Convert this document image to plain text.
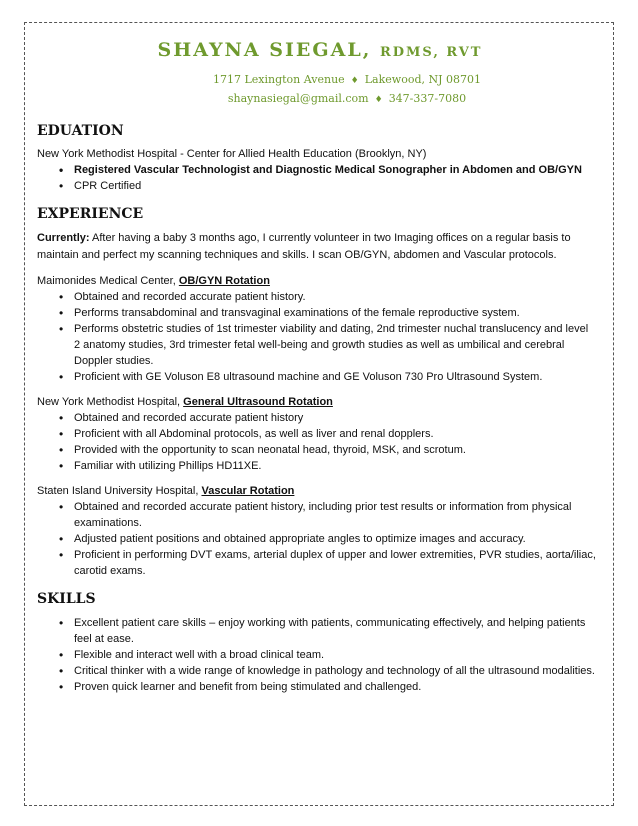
SHAYNA SIEGAL, RDMS, RVT
1717 Lexington Avenue ♦ Lakewood, NJ 08701
shaynasiegal@gmail.com ♦ 347-337-7080
EDUATION
New York Methodist Hospital - Center for Allied Health Education (Brooklyn, NY)
• Registered Vascular Technologist and Diagnostic Medical Sonographer in Abdomen and OB/GYN
• CPR Certified
EXPERIENCE
Currently: After having a baby 3 months ago, I currently volunteer in two Imaging offices on a regular basis to maintain and perfect my scanning techniques and skills. I scan OB/GYN, abdomen and Vascular protocols.
Maimonides Medical Center, OB/GYN Rotation
• Obtained and recorded accurate patient history.
• Performs transabdominal and transvaginal examinations of the female reproductive system.
• Performs obstetric studies of 1st trimester viability and dating, 2nd trimester nuchal translucency and level 2 anatomy studies, 3rd trimester fetal well-being and growth studies as well as umbilical and cerebral Doppler studies.
• Proficient with GE Voluson E8 ultrasound machine and GE Voluson 730 Pro Ultrasound System.
New York Methodist Hospital, General Ultrasound Rotation
• Obtained and recorded accurate patient history
• Proficient with all Abdominal protocols, as well as liver and renal dopplers.
• Provided with the opportunity to scan neonatal head, thyroid, MSK, and scrotum.
• Familiar with utilizing Phillips HD11XE.
Staten Island University Hospital, Vascular Rotation
• Obtained and recorded accurate patient history, including prior test results or information from physical examinations.
• Adjusted patient positions and obtained appropriate angles to optimize images and accuracy.
• Proficient in performing DVT exams, arterial duplex of upper and lower extremities, PVR studies, aorta/iliac, carotid exams.
SKILLS
• Excellent patient care skills – enjoy working with patients, communicating effectively, and helping patients feel at ease.
• Flexible and interact well with a broad clinical team.
• Critical thinker with a wide range of knowledge in pathology and technology of all the ultrasound modalities.
• Proven quick learner and benefit from being stimulated and challenged.
